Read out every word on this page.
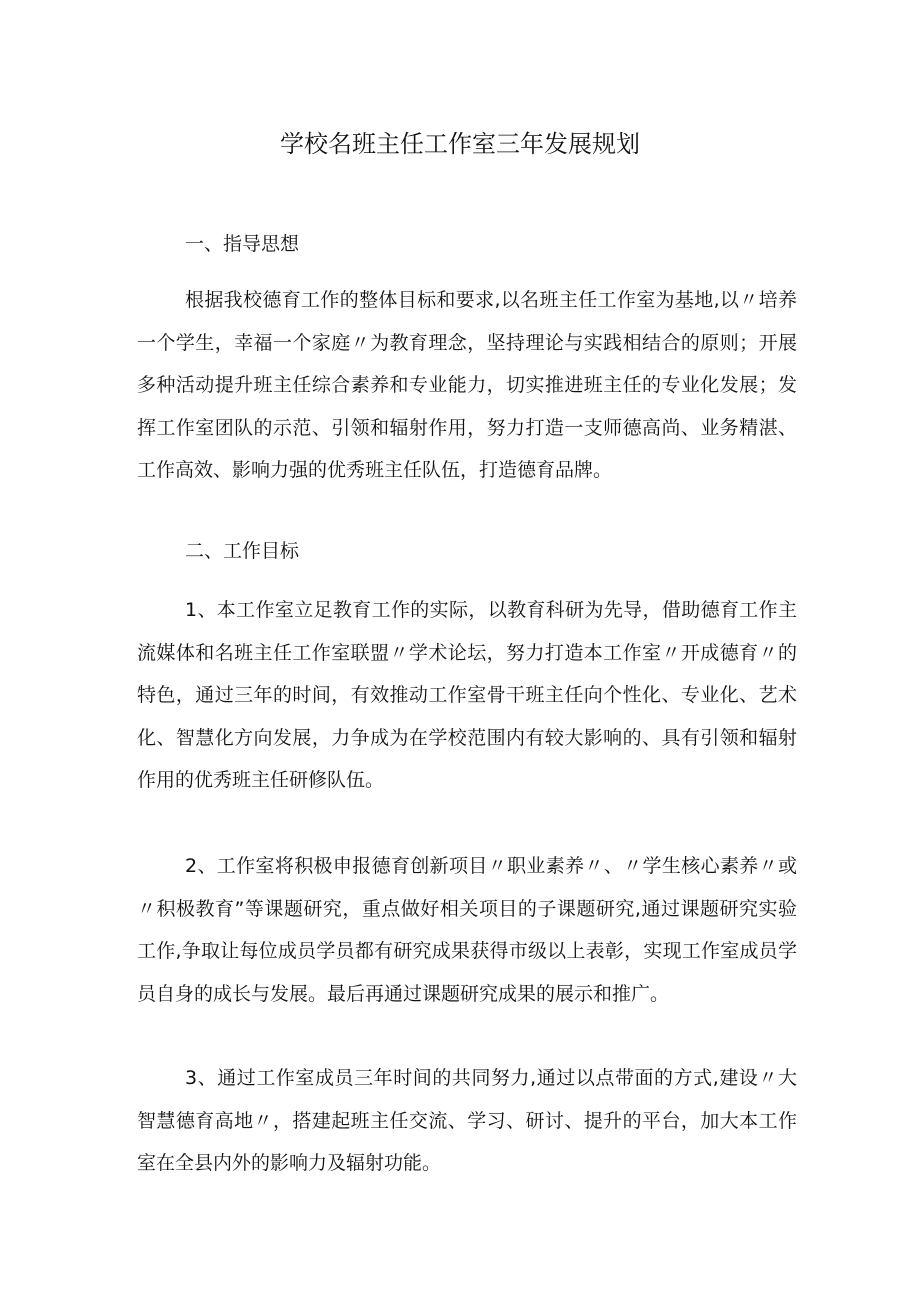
学校名班主任工作室三年发展规划
一、指导思想

根据我校德育工作的整体目标和要求,以名班主任工作室为基地,以〃培养一个学生，幸福一个家庭〃为教育理念，坚持理论与实践相结合的原则；开展多种活动提升班主任综合素养和专业能力，切实推进班主任的专业化发展；发挥工作室团队的示范、引领和辐射作用，努力打造一支师德高尚、业务精湛、工作高效、影响力强的优秀班主任队伍，打造德育品牌。

二、工作目标

1、本工作室立足教育工作的实际，以教育科研为先导，借助德育工作主流媒体和名班主任工作室联盟〃学术论坛，努力打造本工作室〃开成德育〃的特色，通过三年的时间，有效推动工作室骨干班主任向个性化、专业化、艺术化、智慧化方向发展，力争成为在学校范围内有较大影响的、具有引领和辐射作用的优秀班主任研修队伍。

2、工作室将积极申报德育创新项目〃职业素养〃、〃学生核心素养〃或〃积极教育”等课题研究，重点做好相关项目的子课题研究,通过课题研究实验工作,争取让每位成员学员都有研究成果获得市级以上表彰，实现工作室成员学员自身的成长与发展。最后再通过课题研究成果的展示和推广。

3、通过工作室成员三年时间的共同努力,通过以点带面的方式,建设〃大智慧德育高地〃，搭建起班主任交流、学习、研讨、提升的平台，加大本工作室在全县内外的影响力及辐射功能。
